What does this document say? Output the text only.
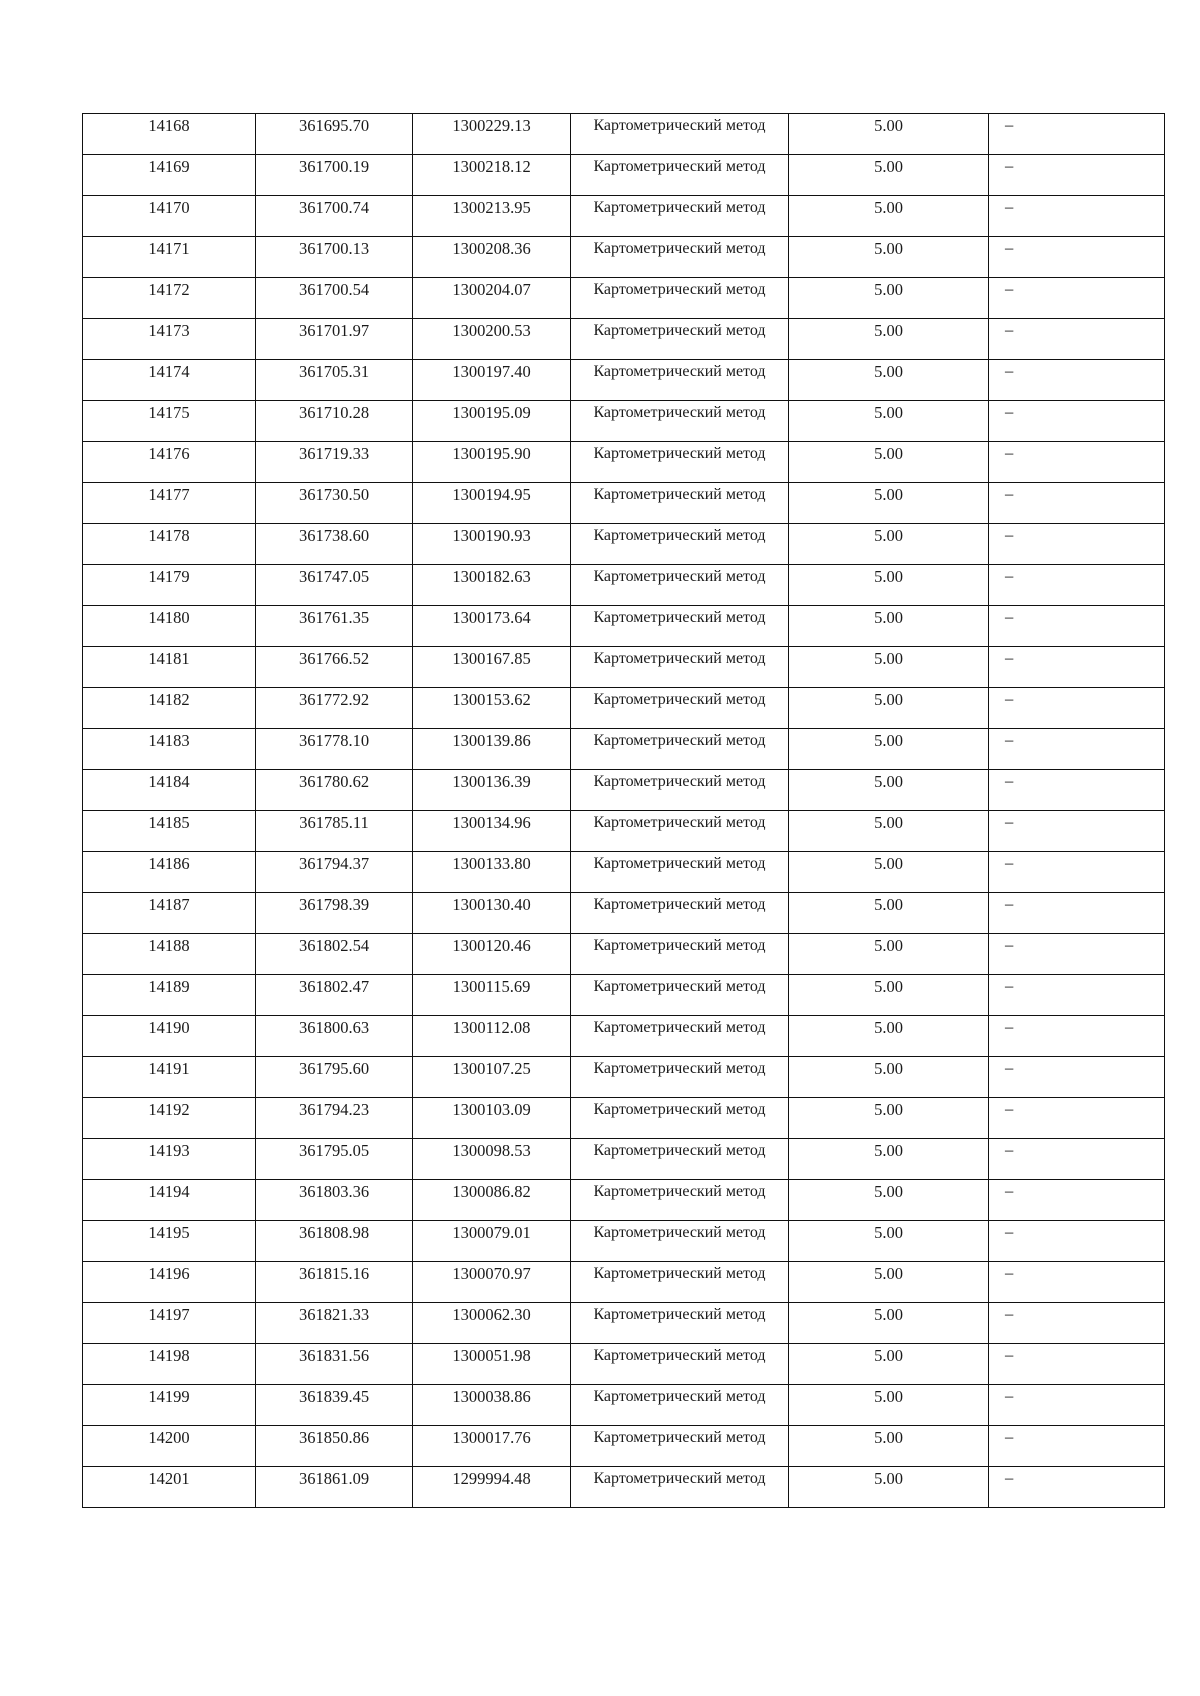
14168	361695.70	1300229.13	Картометрический метод	5.00	–

14169	361700.19	1300218.12	Картометрический метод	5.00	–

14170	361700.74	1300213.95	Картометрический метод	5.00	–

14171	361700.13	1300208.36	Картометрический метод	5.00	–

14172	361700.54	1300204.07	Картометрический метод	5.00	–

14173	361701.97	1300200.53	Картометрический метод	5.00	–

14174	361705.31	1300197.40	Картометрический метод	5.00	–

14175	361710.28	1300195.09	Картометрический метод	5.00	–

14176	361719.33	1300195.90	Картометрический метод	5.00	–

14177	361730.50	1300194.95	Картометрический метод	5.00	–

14178	361738.60	1300190.93	Картометрический метод	5.00	–

14179	361747.05	1300182.63	Картометрический метод	5.00	–

14180	361761.35	1300173.64	Картометрический метод	5.00	–

14181	361766.52	1300167.85	Картометрический метод	5.00	–

14182	361772.92	1300153.62	Картометрический метод	5.00	–

14183	361778.10	1300139.86	Картометрический метод	5.00	–

14184	361780.62	1300136.39	Картометрический метод	5.00	–

14185	361785.11	1300134.96	Картометрический метод	5.00	–

14186	361794.37	1300133.80	Картометрический метод	5.00	–

14187	361798.39	1300130.40	Картометрический метод	5.00	–

14188	361802.54	1300120.46	Картометрический метод	5.00	–

14189	361802.47	1300115.69	Картометрический метод	5.00	–

14190	361800.63	1300112.08	Картометрический метод	5.00	–

14191	361795.60	1300107.25	Картометрический метод	5.00	–

14192	361794.23	1300103.09	Картометрический метод	5.00	–

14193	361795.05	1300098.53	Картометрический метод	5.00	–

14194	361803.36	1300086.82	Картометрический метод	5.00	–

14195	361808.98	1300079.01	Картометрический метод	5.00	–

14196	361815.16	1300070.97	Картометрический метод	5.00	–

14197	361821.33	1300062.30	Картометрический метод	5.00	–

14198	361831.56	1300051.98	Картометрический метод	5.00	–

14199	361839.45	1300038.86	Картометрический метод	5.00	–

14200	361850.86	1300017.76	Картометрический метод	5.00	–

14201	361861.09	1299994.48	Картометрический метод	5.00	–
